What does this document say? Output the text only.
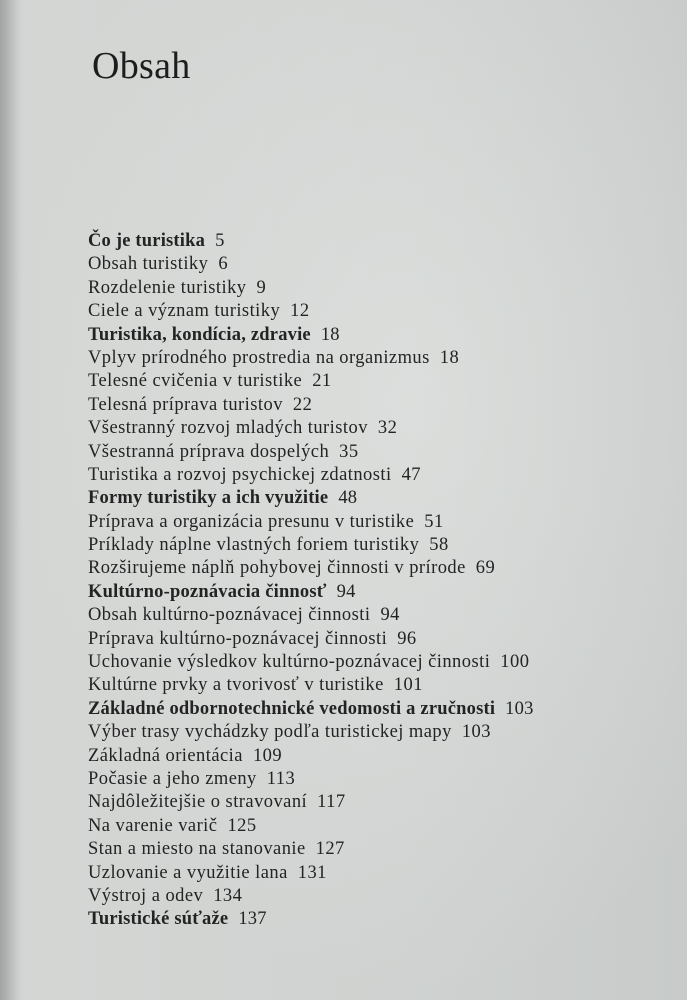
Obsah
Čo je turistika 5
Obsah turistiky 6
Rozdelenie turistiky 9
Ciele a význam turistiky 12
Turistika, kondícia, zdravie 18
Vplyv prírodného prostredia na organizmus 18
Telesné cvičenia v turistike 21
Telesná príprava turistov 22
Všestranný rozvoj mladých turistov 32
Všestranná príprava dospelých 35
Turistika a rozvoj psychickej zdatnosti 47
Formy turistiky a ich využitie 48
Príprava a organizácia presunu v turistike 51
Príklady náplne vlastných foriem turistiky 58
Rozširujeme náplň pohybovej činnosti v prírode 69
Kultúrno-poznávacia činnosť 94
Obsah kultúrno-poznávacej činnosti 94
Príprava kultúrno-poznávacej činnosti 96
Uchovanie výsledkov kultúrno-poznávacej činnosti 100
Kultúrne prvky a tvorivosť v turistike 101
Základné odbornotechnické vedomosti a zručnosti 103
Výber trasy vychádzky podľa turistickej mapy 103
Základná orientácia 109
Počasie a jeho zmeny 113
Najdôležitejšie o stravovaní 117
Na varenie varič 125
Stan a miesto na stanovanie 127
Uzlovanie a využitie lana 131
Výstroj a odev 134
Turistické súťaže 137
